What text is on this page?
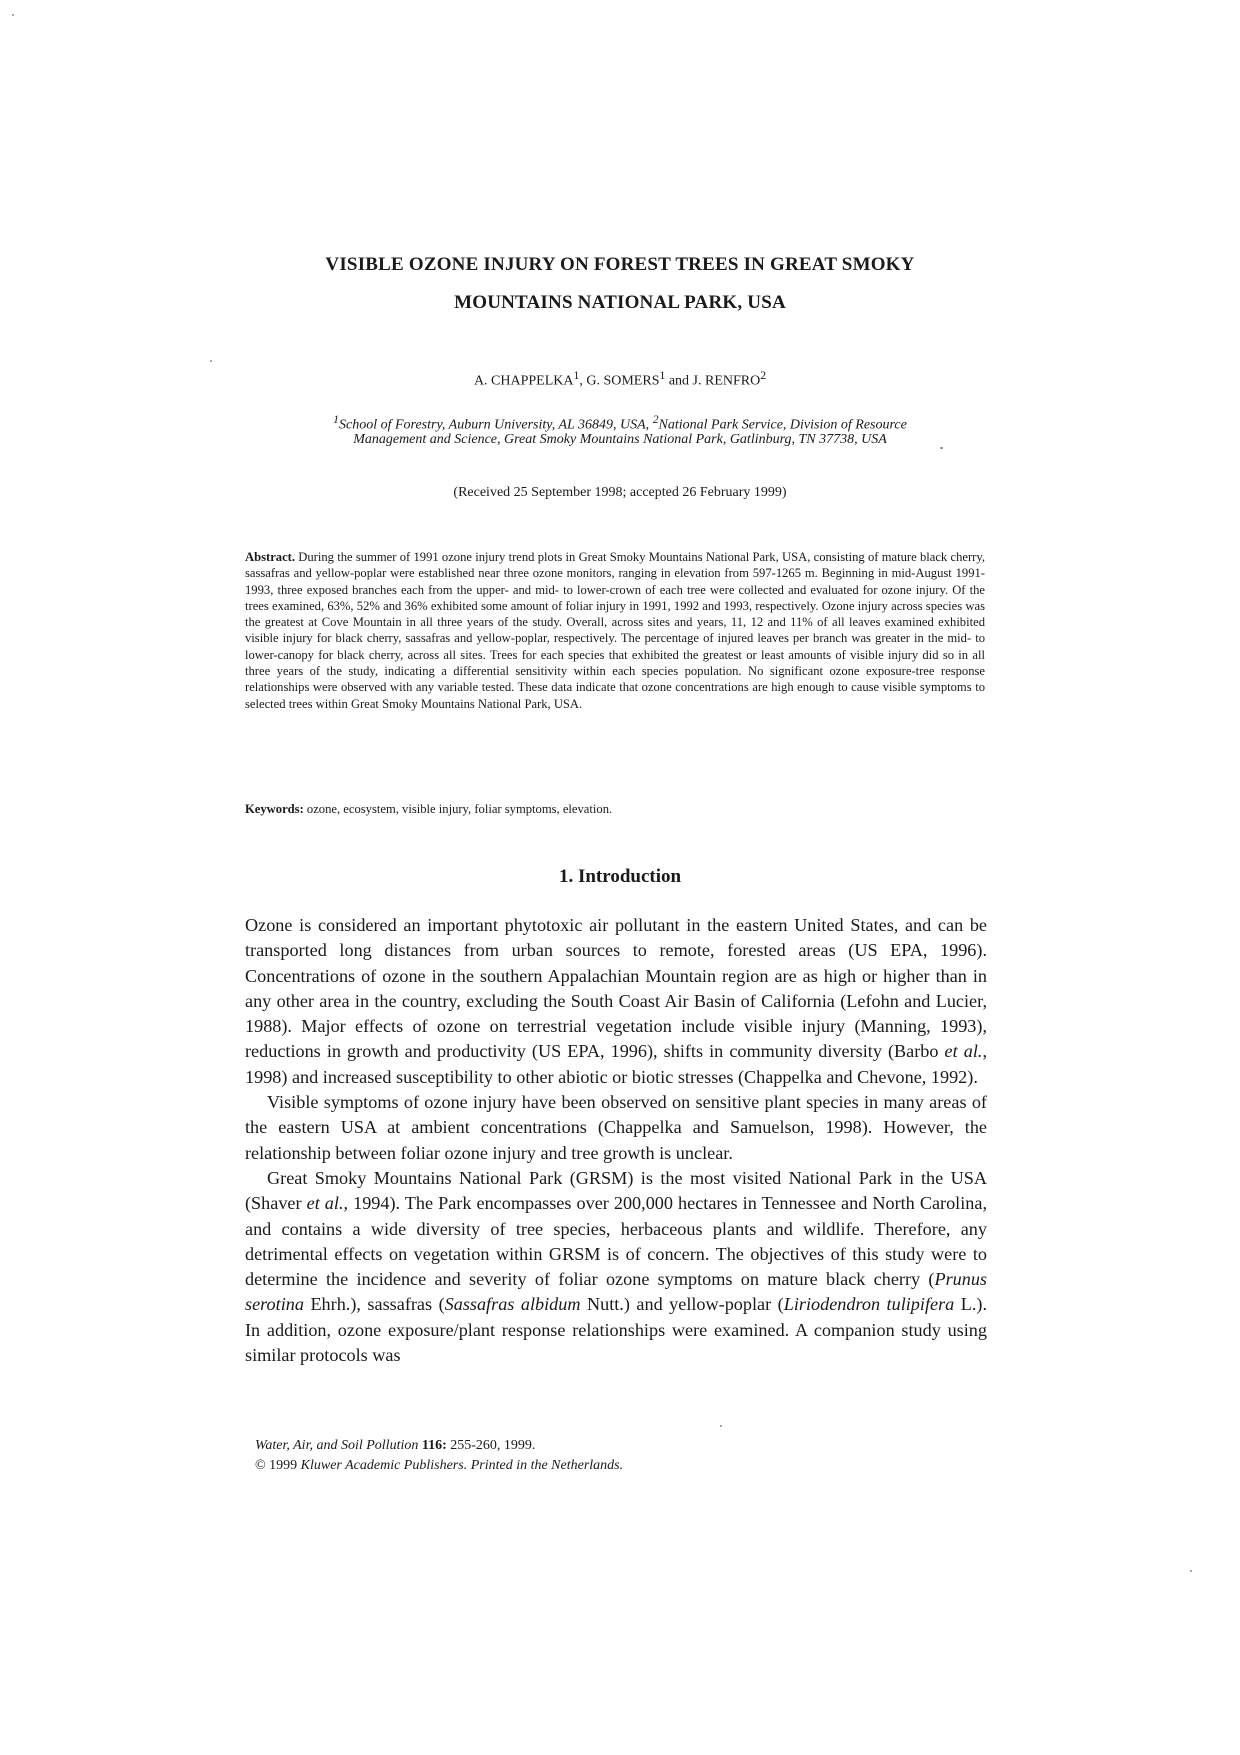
VISIBLE OZONE INJURY ON FOREST TREES IN GREAT SMOKY
MOUNTAINS NATIONAL PARK, USA
A. CHAPPELKA$^1$, G. SOMERS$^1$ and J. RENFRO$^2$
$^1$School of Forestry, Auburn University, AL 36849, USA, $^2$National Park Service, Division of Resource
Management and Science, Great Smoky Mountains National Park, Gatlinburg, TN 37738, USA
(Received 25 September 1998; accepted 26 February 1999)
Abstract. During the summer of 1991 ozone injury trend plots in Great Smoky Mountains National Park, USA, consisting of mature black cherry, sassafras and yellow-poplar were established near three ozone monitors, ranging in elevation from 597-1265 m. Beginning in mid-August 1991-1993, three exposed branches each from the upper- and mid- to lower-crown of each tree were collected and evaluated for ozone injury. Of the trees examined, 63%, 52% and 36% exhibited some amount of foliar injury in 1991, 1992 and 1993, respectively. Ozone injury across species was the greatest at Cove Mountain in all three years of the study. Overall, across sites and years, 11, 12 and 11% of all leaves examined exhibited visible injury for black cherry, sassafras and yellow-poplar, respectively. The percentage of injured leaves per branch was greater in the mid- to lower-canopy for black cherry, across all sites. Trees for each species that exhibited the greatest or least amounts of visible injury did so in all three years of the study, indicating a differential sensitivity within each species population. No significant ozone exposure-tree response relationships were observed with any variable tested. These data indicate that ozone concentrations are high enough to cause visible symptoms to selected trees within Great Smoky Mountains National Park, USA.
Keywords: ozone, ecosystem, visible injury, foliar symptoms, elevation.
1. Introduction

Ozone is considered an important phytotoxic air pollutant in the eastern United States, and can be transported long distances from urban sources to remote, forested areas (US EPA, 1996). Concentrations of ozone in the southern Appalachian Mountain region are as high or higher than in any other area in the country, excluding the South Coast Air Basin of California (Lefohn and Lucier, 1988). Major effects of ozone on terrestrial vegetation include visible injury (Manning, 1993), reductions in growth and productivity (US EPA, 1996), shifts in community diversity (Barbo et al., 1998) and increased susceptibility to other abiotic or biotic stresses (Chappelka and Chevone, 1992).

Visible symptoms of ozone injury have been observed on sensitive plant species in many areas of the eastern USA at ambient concentrations (Chappelka and Samuelson, 1998). However, the relationship between foliar ozone injury and tree growth is unclear.

Great Smoky Mountains National Park (GRSM) is the most visited National Park in the USA (Shaver et al., 1994). The Park encompasses over 200,000 hectares in Tennessee and North Carolina, and contains a wide diversity of tree species, herbaceous plants and wildlife. Therefore, any detrimental effects on vegetation within GRSM is of concern. The objectives of this study were to determine the incidence and severity of foliar ozone symptoms on mature black cherry (Prunus serotina Ehrh.), sassafras (Sassafras albidum Nutt.) and yellow-poplar (Liriodendron tulipifera L.). In addition, ozone exposure/plant response relationships were examined. A companion study using similar protocols was

Water, Air, and Soil Pollution 116: 255-260, 1999.
© 1999 Kluwer Academic Publishers. Printed in the Netherlands.
